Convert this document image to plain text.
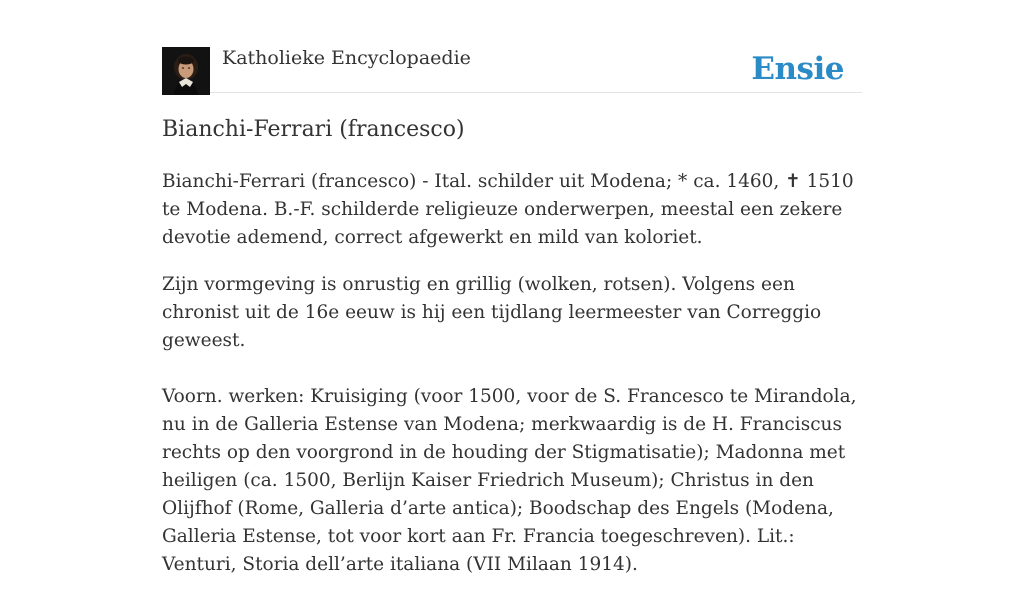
Katholieke Encyclopaedie	Ensie
Bianchi-Ferrari (francesco)

Bianchi-Ferrari (francesco) - Ital. schilder uit Modena; * ca. 1460, ✝ 1510 te Modena. B.-F. schilderde religieuze onderwerpen, meestal een zekere devotie ademend, correct afgewerkt en mild van koloriet.

Zijn vormgeving is onrustig en grillig (wolken, rotsen). Volgens een chronist uit de 16e eeuw is hij een tijdlang leermeester van Correggio geweest.

Voorn. werken: Kruisiging (voor 1500, voor de S. Francesco te Mirandola, nu in de Galleria Estense van Modena; merkwaardig is de H. Franciscus rechts op den voorgrond in de houding der Stigmatisatie); Madonna met heiligen (ca. 1500, Berlijn Kaiser Friedrich Museum); Christus in den Olijfhof (Rome, Galleria d’arte antica); Boodschap des Engels (Modena, Galleria Estense, tot voor kort aan Fr. Francia toegeschreven). Lit.: Venturi, Storia dell’arte italiana (VII Milaan 1914).
